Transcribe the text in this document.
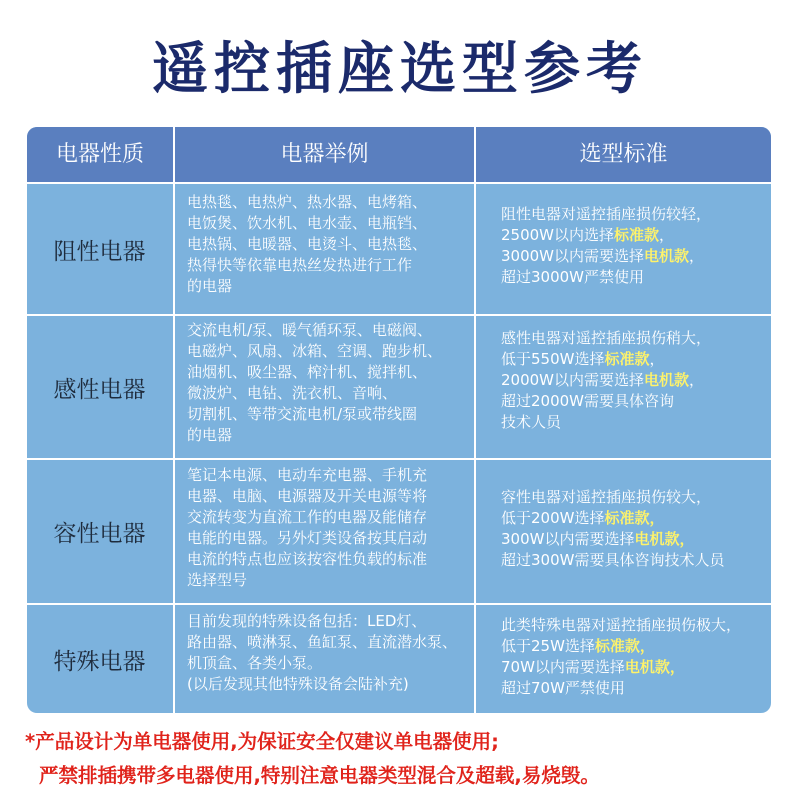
遥控插座选型参考
电器性质	电器举例	选型标准
阻性电器
电热毯、电热炉、热水器、电烤箱、
电饭煲、饮水机、电水壶、电瓶铛、
电热锅、电暖器、电烫斗、电热毯、
热得快等依靠电热丝发热进行工作
的电器
阻性电器对遥控插座损伤较轻，
2500W以内选择标准款，
3000W以内需要选择电机款，
超过3000W严禁使用
感性电器
交流电机/泵、暖气循环泵、电磁阀、
电磁炉、风扇、冰箱、空调、跑步机、
油烟机、吸尘器、榨汁机、搅拌机、
微波炉、电钻、洗衣机、音响、
切割机、等带交流电机/泵或带线圈
的电器
感性电器对遥控插座损伤稍大，
低于550W选择标准款，
2000W以内需要选择电机款，
超过2000W需要具体咨询
技术人员
容性电器
笔记本电源、电动车充电器、手机充
电器、电脑、电源器及开关电源等将
交流转变为直流工作的电器及能储存
电能的电器。另外灯类设备按其启动
电流的特点也应该按容性负载的标准
选择型号
容性电器对遥控插座损伤较大，
低于200W选择标准款，
300W以内需要选择电机款，
超过300W需要具体咨询技术人员
特殊电器
目前发现的特殊设备包括：LED灯、
路由器、喷淋泵、鱼缸泵、直流潜水泵、
机顶盒、各类小泵。
(以后发现其他特殊设备会陆补充)
此类特殊电器对遥控插座损伤极大，
低于25W选择标准款，
70W以内需要选择电机款，
超过70W严禁使用
*产品设计为单电器使用,为保证安全仅建议单电器使用;
严禁排插携带多电器使用,特别注意电器类型混合及超载,易烧毁。
